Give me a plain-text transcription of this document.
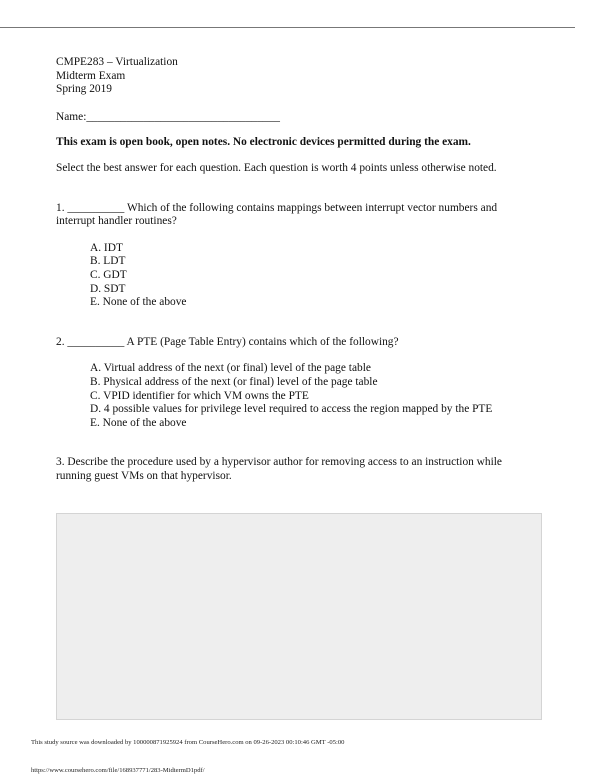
CMPE283 – Virtualization
Midterm Exam
Spring 2019
Name:__________________________________
This exam is open book, open notes. No electronic devices permitted during the exam.
Select the best answer for each question. Each question is worth 4 points unless otherwise noted.
1. __________ Which of the following contains mappings between interrupt vector numbers and
interrupt handler routines?
A. IDT
B. LDT
C. GDT
D. SDT
E. None of the above
2. __________ A PTE (Page Table Entry) contains which of the following?
A. Virtual address of the next (or final) level of the page table
B. Physical address of the next (or final) level of the page table
C. VPID identifier for which VM owns the PTE
D. 4 possible values for privilege level required to access the region mapped by the PTE
E. None of the above
3. Describe the procedure used by a hypervisor author for removing access to an instruction while
running guest VMs on that hypervisor.
This study source was downloaded by 100000871925924 from CourseHero.com on 09-26-2023 00:10:46 GMT -05:00
https://www.coursehero.com/file/168937771/283-MidtermD1pdf/
